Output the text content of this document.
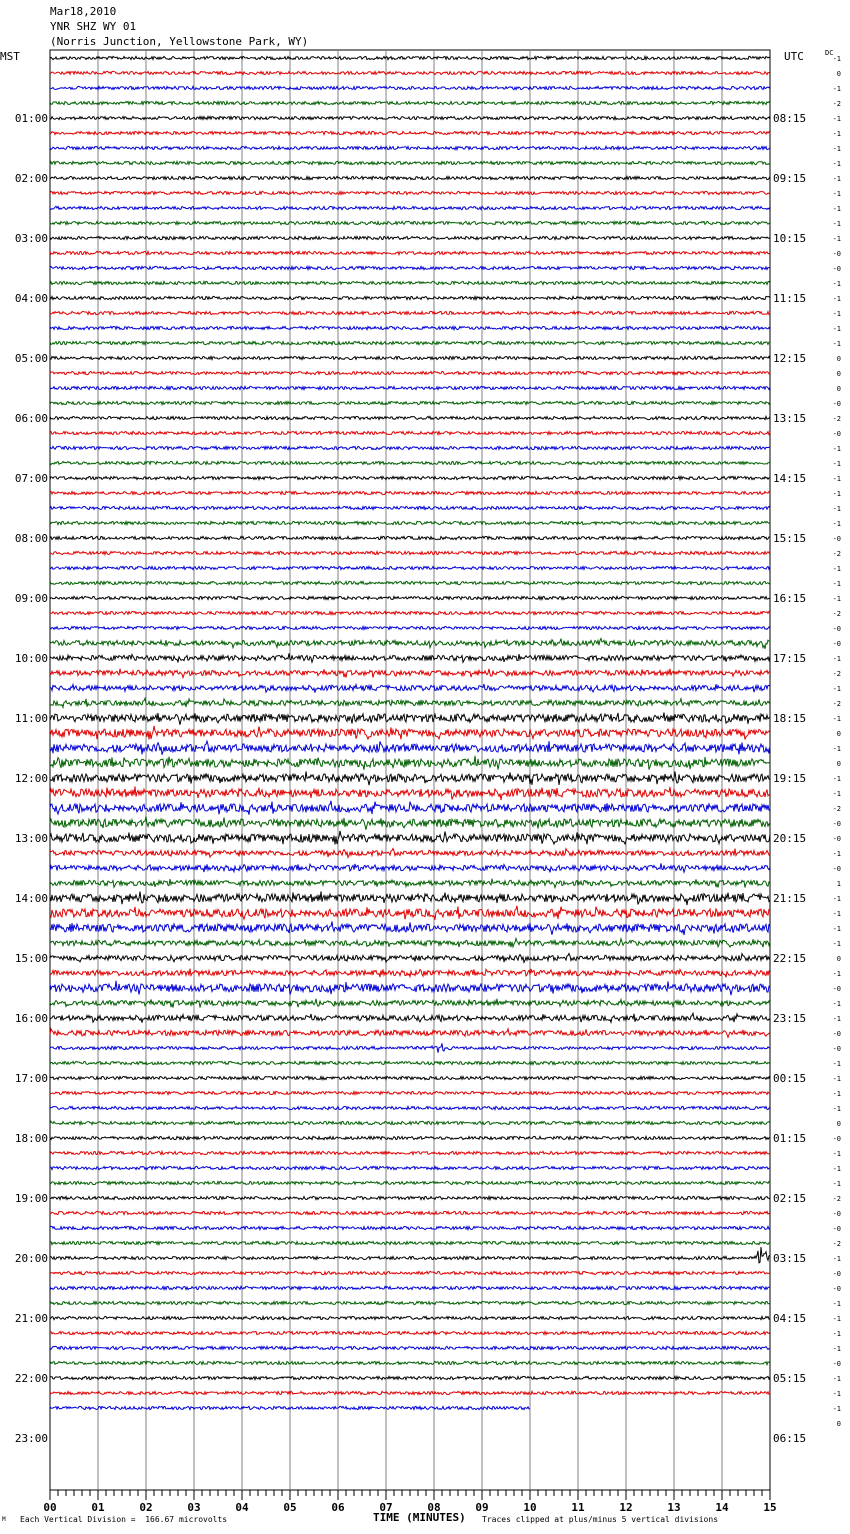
Mar18,2010
YNR SHZ WY 01
(Norris Junction, Yellowstone Park, WY)
MST	UTC	DC
-1
0
-1
-2
-1
-1
-1
-1
-1
-1
-1
-1
-1
-0
-0
-1
-1
-1
-1
-1
0
0
0
-0
-2
-0
-1
-1
-1
-1
-1
-1
-0
-2
-1
-1
-1
-2
-0
-0
-1
-2
-1
-2
-1
0
-1
0
-1
-1
-2
-0
-0
-1
-0
1
-1
-1
-1
-1
0
-1
-0
-1
-1
-0
-0
-1
-1
-1
-1
0
-0
-1
-1
-1
-2
-0
-0
-2
-1
-0
-0
-1
-1
-1
-1
-0
-1
-1
-1
0
01:00
02:00
03:00
04:00
05:00
06:00
07:00
08:00
09:00
10:00
11:00
12:00
13:00
14:00
15:00
16:00
17:00
18:00
19:00
20:00
21:00
22:00
23:00
08:15
09:15
10:15
11:15
12:15
13:15
14:15
15:15
16:15
17:15
18:15
19:15
20:15
21:15
22:15
23:15
00:15
01:15
02:15
03:15
04:15
05:15
06:15
00	01	02	03	04	05	06	07	08	09	10	11	12	13	14	15
M Each Vertical Division =  166.67 microvolts	TIME (MINUTES) Traces clipped at plus/minus 5 vertical divisions
